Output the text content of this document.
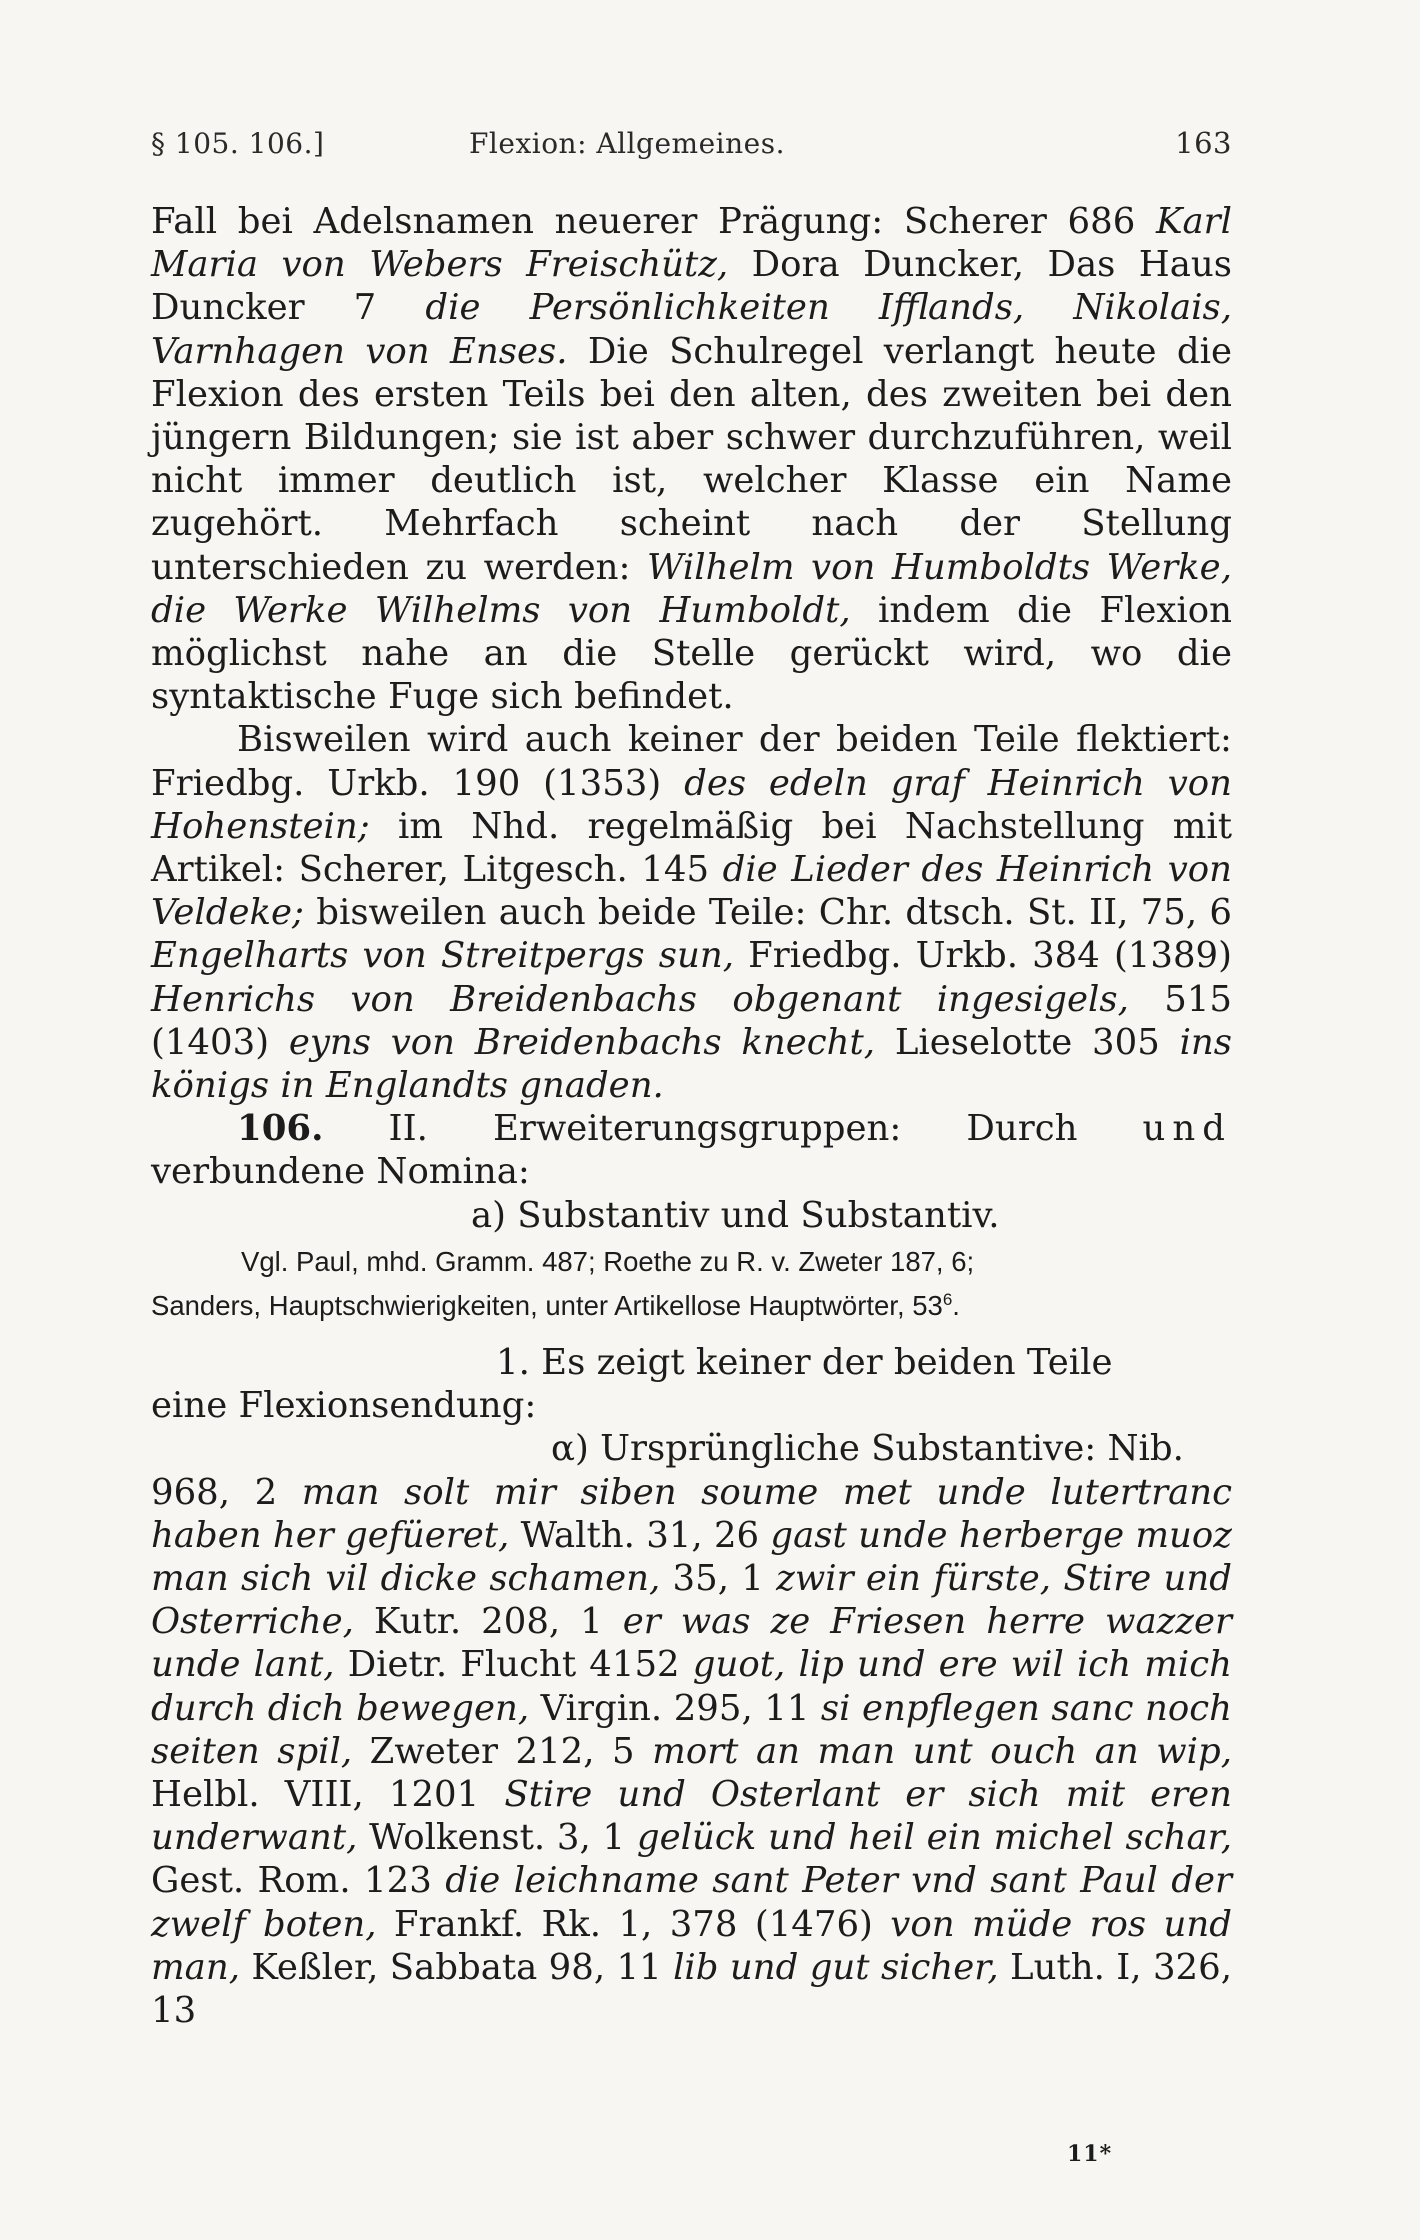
§ 105. 106.]	Flexion: Allgemeines.	163

Fall bei Adelsnamen neuerer Prägung: Scherer 686 Karl Maria von Webers Freischütz, Dora Duncker, Das Haus Duncker 7 die Persönlichkeiten Ifflands, Nikolais, Varnhagen von Enses. Die Schulregel verlangt heute die Flexion des ersten Teils bei den alten, des zweiten bei den jüngern Bildungen; sie ist aber schwer durchzuführen, weil nicht immer deutlich ist, welcher Klasse ein Name zugehört. Mehrfach scheint nach der Stellung unterschieden zu werden: Wilhelm von Humboldts Werke, die Werke Wilhelms von Humboldt, indem die Flexion möglichst nahe an die Stelle gerückt wird, wo die syntaktische Fuge sich befindet.

Bisweilen wird auch keiner der beiden Teile flektiert: Friedbg. Urkb. 190 (1353) des edeln graf Heinrich von Hohenstein; im Nhd. regelmäßig bei Nachstellung mit Artikel: Scherer, Litgesch. 145 die Lieder des Heinrich von Veldeke; bisweilen auch beide Teile: Chr. dtsch. St. II, 75, 6 Engelharts von Streitpergs sun, Friedbg. Urkb. 384 (1389) Henrichs von Breidenbachs obgenant ingesigels, 515 (1403) eyns von Breidenbachs knecht, Lieselotte 305 ins königs in Englandts gnaden.

106. II. Erweiterungsgruppen: Durch und verbundene Nomina:

a) Substantiv und Substantiv.

Vgl. Paul, mhd. Gramm. 487; Roethe zu R. v. Zweter 187, 6;
Sanders, Hauptschwierigkeiten, unter Artikellose Hauptwörter, $53^6$.

1. Es zeigt keiner der beiden Teile

eine Flexionsendung:

α) Ursprüngliche Substantive: Nib.

968, 2 man solt mir siben soume met unde lutertranc haben her gefüeret, Walth. 31, 26 gast unde herberge muoz man sich vil dicke schamen, 35, 1 zwir ein fürste, Stire und Osterriche, Kutr. 208, 1 er was ze Friesen herre wazzer unde lant, Dietr. Flucht 4152 guot, lip und ere wil ich mich durch dich bewegen, Virgin. 295, 11 si enpflegen sanc noch seiten spil, Zweter 212, 5 mort an man unt ouch an wip, Helbl. VIII, 1201 Stire und Osterlant er sich mit eren underwant, Wolkenst. 3, 1 gelück und heil ein michel schar, Gest. Rom. 123 die leichname sant Peter vnd sant Paul der zwelf boten, Frankf. Rk. 1, 378 (1476) von müde ros und man, Keßler, Sabbata 98, 11 lib und gut sicher, Luth. I, 326, 13

11*
